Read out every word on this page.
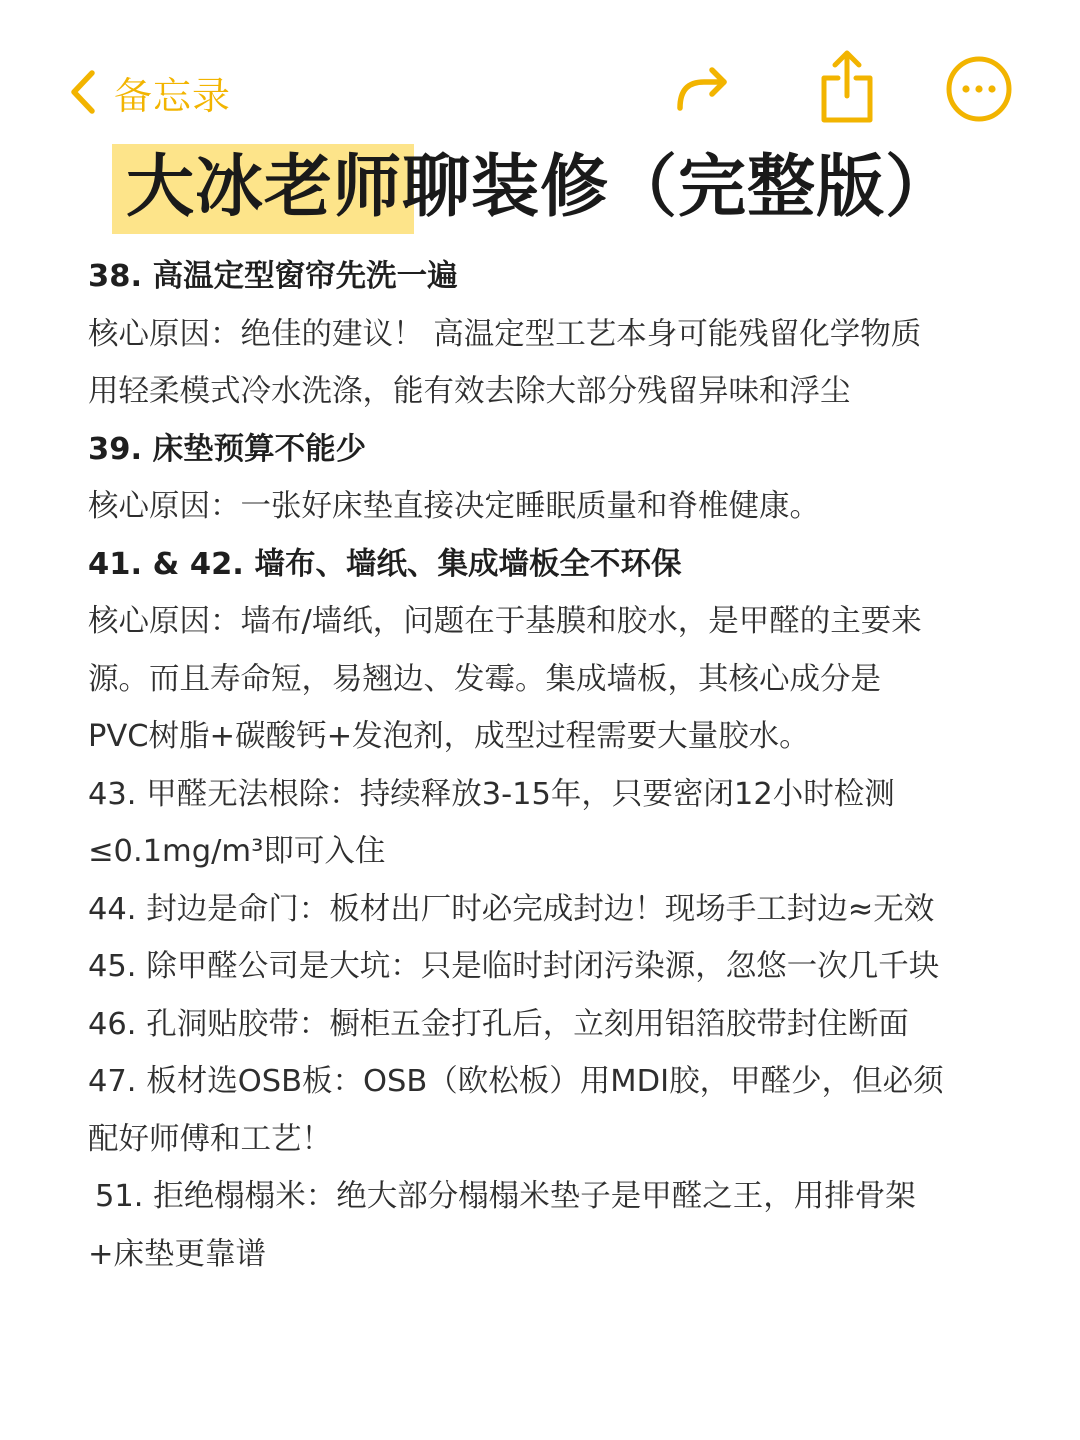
备忘录
大冰老师聊装修（完整版）
38. 高温定型窗帘先洗一遍
核心原因：绝佳的建议！ 高温定型工艺本身可能残留化学物质
用轻柔模式冷水洗涤，能有效去除大部分残留异味和浮尘
39. 床垫预算不能少
核心原因：一张好床垫直接决定睡眠质量和脊椎健康。
41. & 42. 墙布、墙纸、集成墙板全不环保
核心原因：墙布/墙纸，问题在于基膜和胶水，是甲醛的主要来
源。而且寿命短，易翘边、发霉。集成墙板，其核心成分是
PVC树脂+碳酸钙+发泡剂，成型过程需要大量胶水。
43. 甲醛无法根除：持续释放3-15年，只要密闭12小时检测
≤0.1mg/m³即可入住
44. 封边是命门：板材出厂时必完成封边！现场手工封边≈无效
45. 除甲醛公司是大坑：只是临时封闭污染源，忽悠一次几千块
46. 孔洞贴胶带：橱柜五金打孔后，立刻用铝箔胶带封住断面
47. 板材选OSB板：OSB（欧松板）用MDI胶，甲醛少，但必须
配好师傅和工艺！
51. 拒绝榻榻米：绝大部分榻榻米垫子是甲醛之王，用排骨架
+床垫更靠谱
